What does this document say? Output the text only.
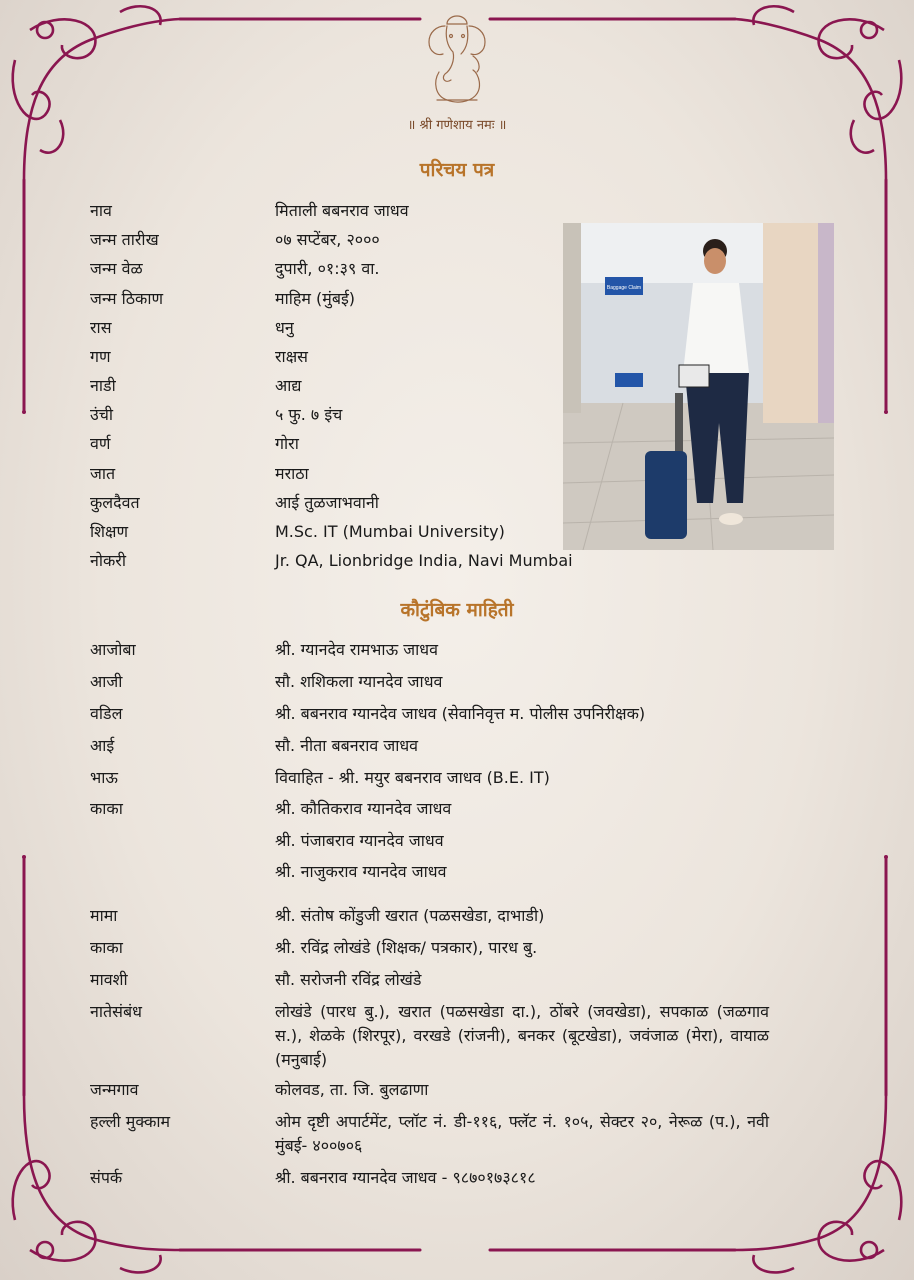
॥ श्री गणेशाय नमः ॥
परिचय पत्र
नाव	मिताली बबनराव जाधव
जन्म तारीख	०७ सप्टेंबर, २०००
जन्म वेळ	दुपारी, ०१:३९ वा.
जन्म ठिकाण	माहिम (मुंबई)
रास	धनु
गण	राक्षस
नाडी	आद्य
उंची	५ फु. ७ इंच
वर्ण	गोरा
जात	मराठा
कुलदैवत	आई तुळजाभवानी
शिक्षण	M.Sc. IT (Mumbai University)
नोकरी	Jr. QA, Lionbridge India, Navi Mumbai
Baggage Claim
कौटुंबिक माहिती
आजोबा	श्री. ग्यानदेव रामभाऊ जाधव
आजी	सौ. शशिकला ग्यानदेव जाधव
वडिल	श्री. बबनराव ग्यानदेव जाधव (सेवानिवृत्त म. पोलीस उपनिरीक्षक)
आई	सौ. नीता बबनराव जाधव
भाऊ	विवाहित - श्री. मयुर बबनराव जाधव (B.E. IT)
काका	श्री. कौतिकराव ग्यानदेव जाधव
श्री. पंजाबराव ग्यानदेव जाधव
श्री. नाजुकराव ग्यानदेव जाधव
मामा	श्री. संतोष कोंडुजी खरात (पळसखेडा, दाभाडी)
काका	श्री. रविंद्र लोखंडे (शिक्षक/ पत्रकार), पारध बु.
मावशी	सौ. सरोजनी रविंद्र लोखंडे
नातेसंबंध	लोखंडे (पारध बु.), खरात (पळसखेडा दा.), ठोंबरे (जवखेडा), सपकाळ (जळगाव स.), शेळके (शिरपूर), वरखडे (रांजनी), बनकर (बूटखेडा), जवंजाळ (मेरा), वायाळ (मनुबाई)
जन्मगाव	कोलवड, ता. जि. बुलढाणा
हल्ली मुक्काम	ओम दृष्टी अपार्टमेंट, प्लॉट नं. डी-११६, फ्लॅट नं. १०५, सेक्टर २०, नेरूळ (प.), नवी मुंबई- ४००७०६
संपर्क	श्री. बबनराव ग्यानदेव जाधव - ९८७०१७३८१८
